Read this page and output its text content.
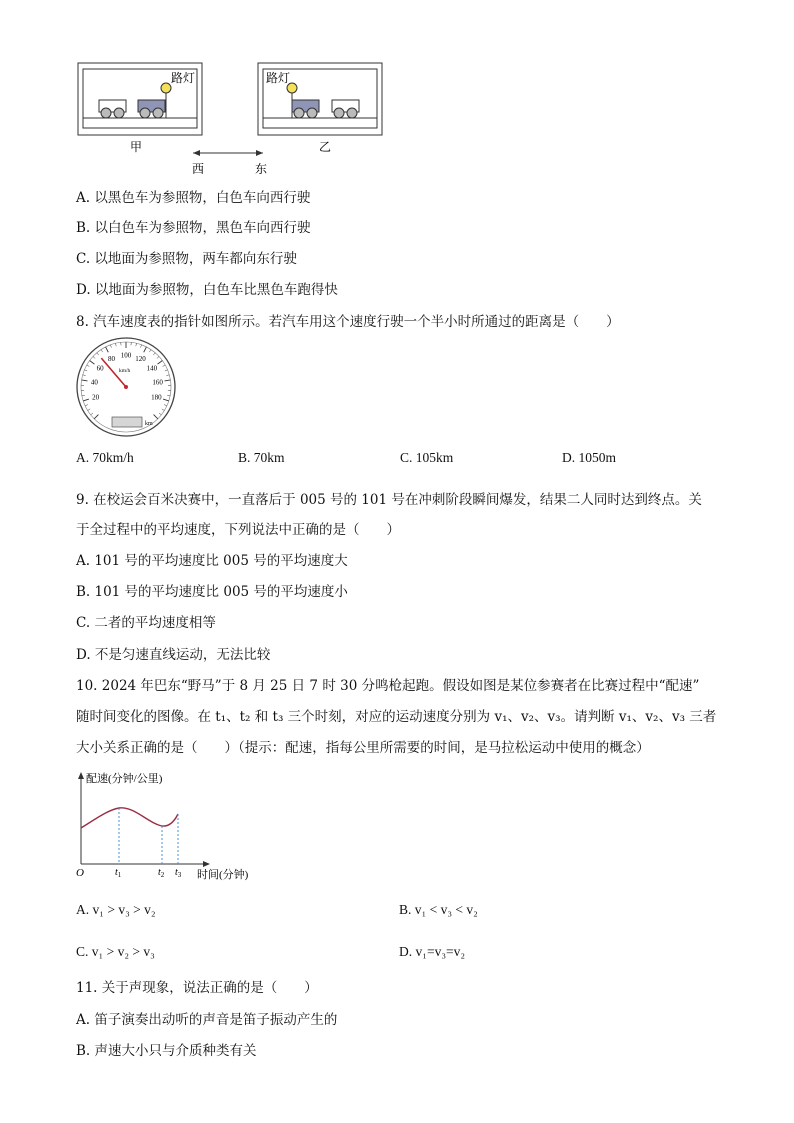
路灯	路灯
甲	乙
西	东
A. 以黑色车为参照物，白色车向西行驶
B. 以白色车为参照物，黑色车向西行驶
C. 以地面为参照物，两车都向东行驶
D. 以地面为参照物，白色车比黑色车跑得快
8. 汽车速度表的指针如图所示。若汽车用这个速度行驶一个半小时所通过的距离是（　　）
20
40
60
80 100 120
140
160
180
km/h
km
A. 70km/h	B. 70km	C. 105km	D. 1050m
9. 在校运会百米决赛中，一直落后于 005 号的 101 号在冲刺阶段瞬间爆发，结果二人同时达到终点。关
于全过程中的平均速度，下列说法中正确的是（　　）
A. 101 号的平均速度比 005 号的平均速度大
B. 101 号的平均速度比 005 号的平均速度小
C. 二者的平均速度相等
D. 不是匀速直线运动，无法比较
10. 2024 年巴东“野马”于 8 月 25 日 7 时 30 分鸣枪起跑。假设如图是某位参赛者在比赛过程中“配速”
随时间变化的图像。在 t₁、t₂ 和 t₃ 三个时刻，对应的运动速度分别为 v₁、v₂、v₃。请判断 v₁、v₂、v₃ 三者
大小关系正确的是（　　）（提示：配速，指每公里所需要的时间，是马拉松运动中使用的概念）
配速(分钟/公里)
时间(分钟)
O	$t_1$	$t_2$ $t_3$
A. v₁ > v₃ > v₂	B. v₁ < v₃ < v₂
C. v₁ > v₂ > v₃	D. v₁=v₃=v₂
11. 关于声现象，说法正确的是（　　）
A. 笛子演奏出动听的声音是笛子振动产生的
B. 声速大小只与介质种类有关
